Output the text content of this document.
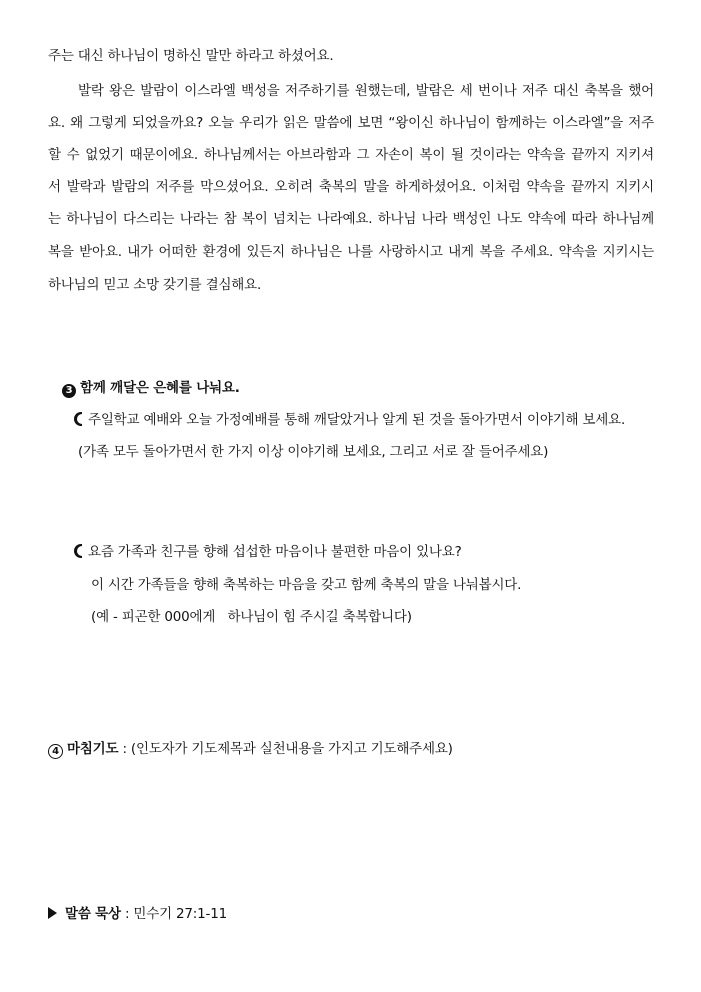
주는 대신 하나님이 명하신 말만 하라고 하셨어요.
발락 왕은 발람이 이스라엘 백성을 저주하기를 원했는데, 발람은 세 번이나 저주 대신 축복을 했어
요. 왜 그렇게 되었을까요? 오늘 우리가 읽은 말씀에 보면 “왕이신 하나님이 함께하는 이스라엘”을 저주
할 수 없었기 때문이에요. 하나님께서는 아브라함과 그 자손이 복이 될 것이라는 약속을 끝까지 지키셔
서 발락과 발람의 저주를 막으셨어요. 오히려 축복의 말을 하게하셨어요. 이처럼 약속을 끝까지 지키시
는 하나님이 다스리는 나라는 참 복이 넘치는 나라예요. 하나님 나라 백성인 나도 약속에 따라 하나님께
복을 받아요. 내가 어떠한 환경에 있든지 하나님은 나를 사랑하시고 내게 복을 주세요. 약속을 지키시는
하나님의 믿고 소망 갖기를 결심해요.
3 함께 깨달은 은혜를 나눠요.
주일학교 예배와 오늘 가정예배를 통해 깨달았거나 알게 된 것을 돌아가면서 이야기해 보세요.
(가족 모두 돌아가면서 한 가지 이상 이야기해 보세요, 그리고 서로 잘 들어주세요)
요즘 가족과 친구를 향해 섭섭한 마음이나 불편한 마음이 있나요?
이 시간 가족들을 향해 축복하는 마음을 갖고 함께 축복의 말을 나눠봅시다.
(예 - 피곤한 000에게   하나님이 힘 주시길 축복합니다)
4 마침기도 : (인도자가 기도제목과 실천내용을 가지고 기도해주세요)
말씀 묵상 : 민수기 27:1-11
